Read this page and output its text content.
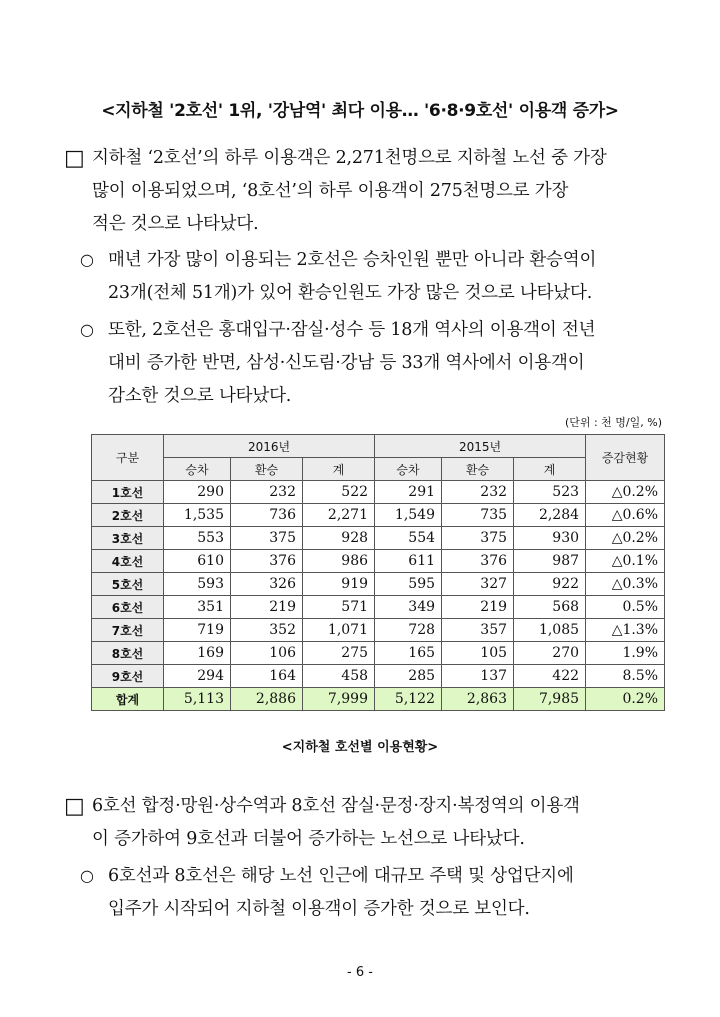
<지하철 '2호선' 1위, '강남역' 최다 이용… '6·8·9호선' 이용객 증가>
□ 지하철 ‘2호선’의 하루 이용객은 2,271천명으로 지하철 노선 중 가장
많이 이용되었으며, ‘8호선’의 하루 이용객이 275천명으로 가장
적은 것으로 나타났다.
○ 매년 가장 많이 이용되는 2호선은 승차인원 뿐만 아니라 환승역이
23개(전체 51개)가 있어 환승인원도 가장 많은 것으로 나타났다.
○ 또한, 2호선은 홍대입구·잠실·성수 등 18개 역사의 이용객이 전년
대비 증가한 반면, 삼성·신도림·강남 등 33개 역사에서 이용객이
감소한 것으로 나타났다.
(단위 : 천 명/일, %)
구분	2016년			2015년			증감현황
	승차	환승	계	승차	환승	계	
1호선	290	232	522	291	232	523	△0.2%
2호선	1,535	736	2,271	1,549	735	2,284	△0.6%
3호선	553	375	928	554	375	930	△0.2%
4호선	610	376	986	611	376	987	△0.1%
5호선	593	326	919	595	327	922	△0.3%
6호선	351	219	571	349	219	568	0.5%
7호선	719	352	1,071	728	357	1,085	△1.3%
8호선	169	106	275	165	105	270	1.9%
9호선	294	164	458	285	137	422	8.5%
합계	5,113	2,886	7,999	5,122	2,863	7,985	0.2%
<지하철 호선별 이용현황>
□ 6호선 합정·망원·상수역과 8호선 잠실·문정·장지·복정역의 이용객
이 증가하여 9호선과 더불어 증가하는 노선으로 나타났다.
○ 6호선과 8호선은 해당 노선 인근에 대규모 주택 및 상업단지에
입주가 시작되어 지하철 이용객이 증가한 것으로 보인다.
- 6 -
